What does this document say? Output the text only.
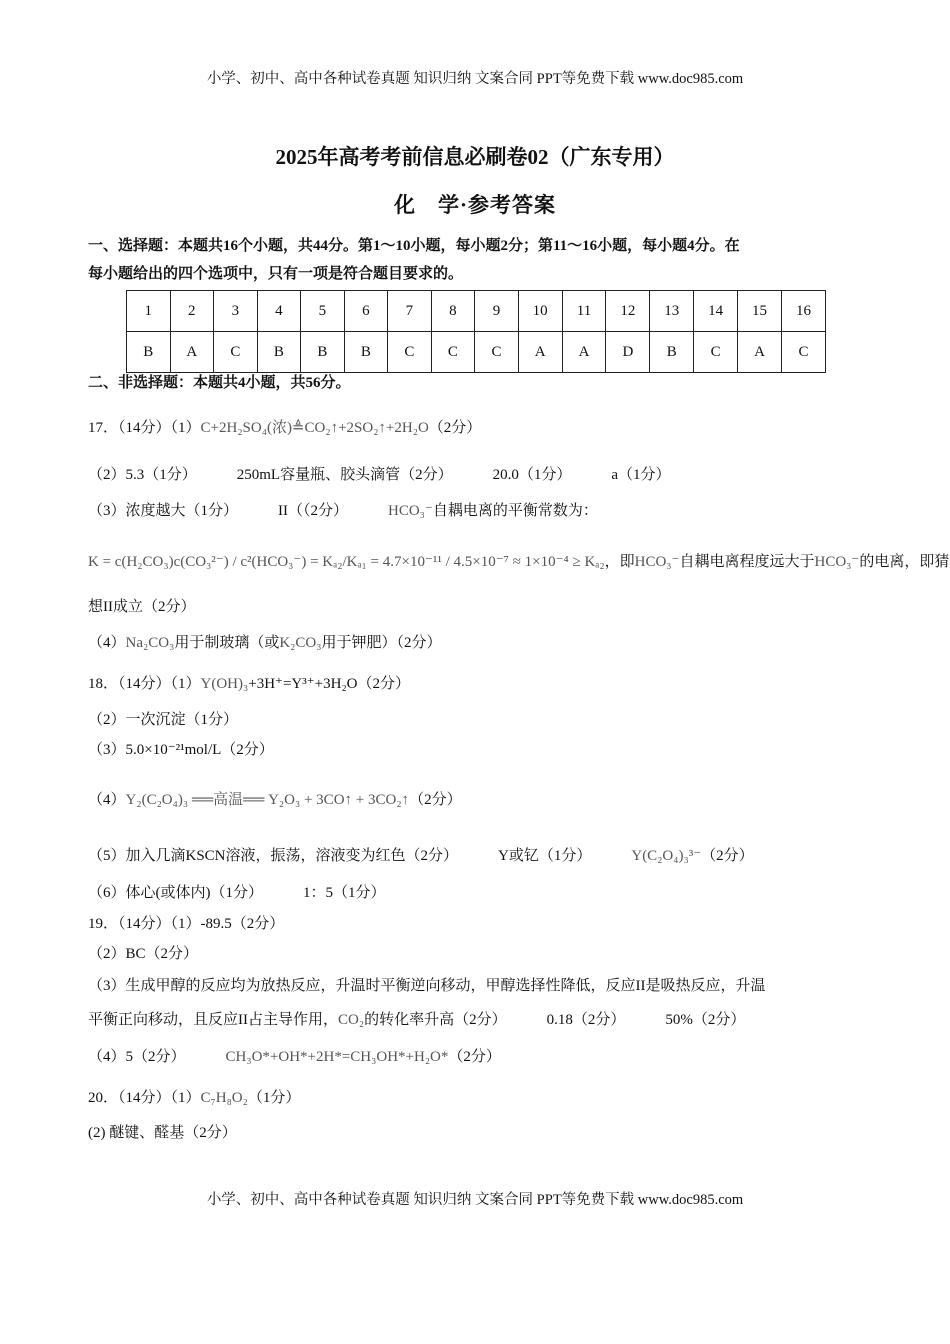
小学、初中、高中各种试卷真题 知识归纳 文案合同 PPT等免费下载 www.doc985.com
2025年高考考前信息必刷卷02（广东专用）
化　学·参考答案
一、选择题：本题共16个小题，共44分。第1～10小题，每小题2分；第11～16小题，每小题4分。在
每小题给出的四个选项中，只有一项是符合题目要求的。
1	2	3	4	5	6	7	8	9	10	11	12	13	14	15	16
B	A	C	B	B	B	C	C	C	A	A	D	B	C	A	C
二、非选择题：本题共4小题，共56分。
17．（14分）（1）C+2H₂SO₄(浓)≜CO₂↑+2SO₂↑+2H₂O（2分）
（2）5.3（1分）	250mL容量瓶、胶头滴管（2分）	20.0（1分）	a（1分）
（3）浓度越大（1分）	II（（2分）	HCO₃⁻自耦电离的平衡常数为：
K = c(H₂CO₃)c(CO₃²⁻) / c²(HCO₃⁻) = Kₐ₂/Kₐ₁ = 4.7×10⁻¹¹ / 4.5×10⁻⁷ ≈ 1×10⁻⁴ ≥ Kₐ₂，即HCO₃⁻自耦电离程度远大于HCO₃⁻的电离，即猜
想II成立（2分）
（4）Na₂CO₃用于制玻璃（或K₂CO₃用于钾肥）（2分）
18．（14分）（1）Y(OH)₃+3H⁺=Y³⁺+3H₂O（2分）
（2）一次沉淀（1分）
（3）5.0×10⁻²¹mol/L（2分）
（4）Y₂(C₂O₄)₃ ══高温══ Y₂O₃ + 3CO↑ + 3CO₂↑（2分）
（5）加入几滴KSCN溶液，振荡，溶液变为红色（2分）	Y或钇（1分）	Y(C₂O₄)₃³⁻（2分）
（6）体心(或体内)（1分）	1：5（1分）
19．（14分）（1）-89.5（2分）
（2）BC（2分）
（3）生成甲醇的反应均为放热反应，升温时平衡逆向移动，甲醇选择性降低，反应II是吸热反应，升温
平衡正向移动，且反应II占主导作用，CO₂的转化率升高（2分）	0.18（2分）	50%（2分）
（4）5（2分）	CH₃O*+OH*+2H*=CH₃OH*+H₂O*（2分）
20．（14分）（1）C₇H₈O₂（1分）
(2) 醚键、醛基（2分）
小学、初中、高中各种试卷真题 知识归纳 文案合同 PPT等免费下载 www.doc985.com
